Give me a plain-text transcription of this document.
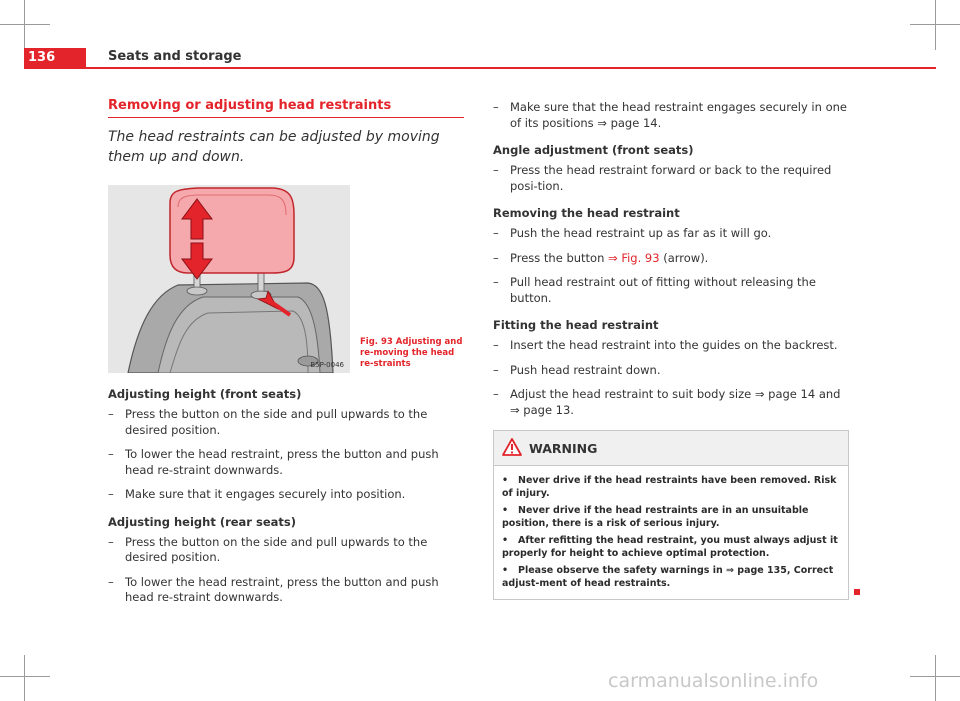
136	Seats and storage
Removing or adjusting head restraints

The head restraints can be adjusted by moving them up and down.

B5P-0046
Fig. 93 Adjusting and re-moving the head re-straints
Adjusting height (front seats)

– Press the button on the side and pull upwards to the desired position.

– To lower the head restraint, press the button and push head re-straint downwards.

– Make sure that it engages securely into position.

Adjusting height (rear seats)

– Press the button on the side and pull upwards to the desired position.

– To lower the head restraint, press the button and push head re-straint downwards.

– Make sure that the head restraint engages securely in one of its positions ⇒ page 14.

Angle adjustment (front seats)

– Press the head restraint forward or back to the required posi-tion.

Removing the head restraint

– Push the head restraint up as far as it will go.

– Press the button ⇒ Fig. 93 (arrow).

– Pull head restraint out of fitting without releasing the button.

Fitting the head restraint

– Insert the head restraint into the guides on the backrest.

– Push head restraint down.

– Adjust the head restraint to suit body size ⇒ page 14 and ⇒ page 13.

WARNING

• Never drive if the head restraints have been removed. Risk of injury.

• Never drive if the head restraints are in an unsuitable position, there is a risk of serious injury.

• After refitting the head restraint, you must always adjust it properly for height to achieve optimal protection.

• Please observe the safety warnings in ⇒ page 135, Correct adjust-ment of head restraints.

carmanualsonline.info
